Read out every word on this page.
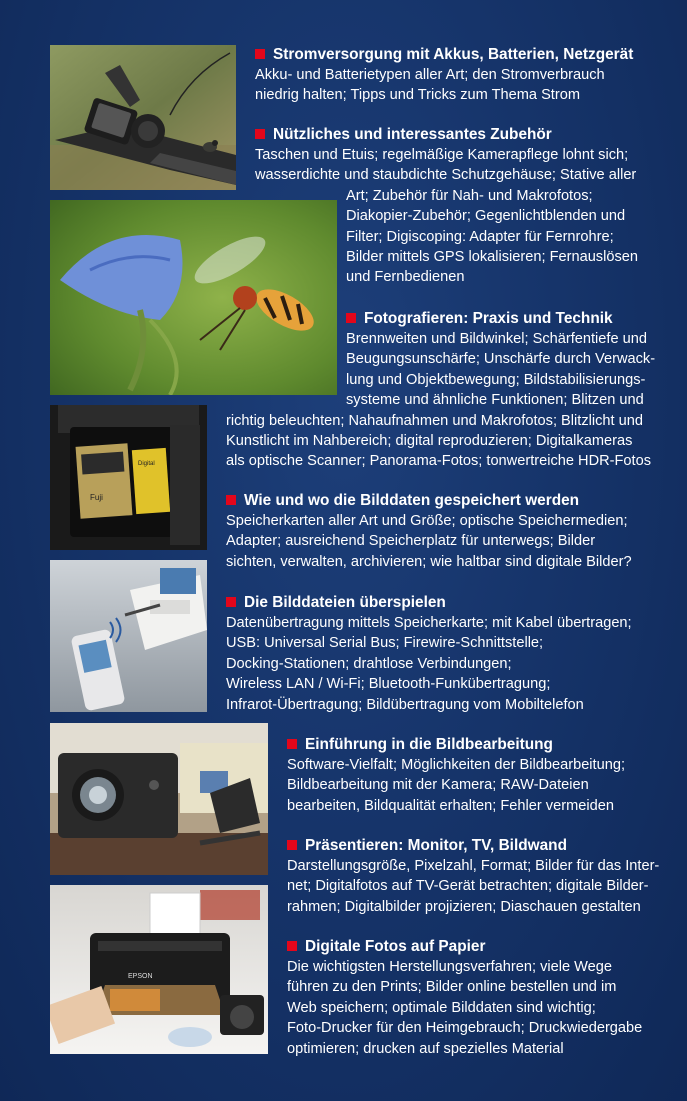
Fuji
Digital
EPSON
Stromversorgung mit Akkus, Batterien, Netzgerät
Akku- und Batterietypen aller Art; den Stromverbrauch
niedrig halten; Tipps und Tricks zum Thema Strom
Nützliches und interessantes Zubehör
Taschen und Etuis; regelmäßige Kamerapflege lohnt sich;
wasserdichte und staubdichte Schutzgehäuse; Stative aller
Art; Zubehör für Nah- und Makrofotos;
Diakopier-Zubehör; Gegenlichtblenden und
Filter; Digiscoping: Adapter für Fernrohre;
Bilder mittels GPS lokalisieren; Fernauslösen
und Fernbedienen
Fotografieren: Praxis und Technik
Brennweiten und Bildwinkel; Schärfentiefe und
Beugungsunschärfe; Unschärfe durch Verwack-
lung und Objektbewegung; Bildstabilisierungs-
systeme und ähnliche Funktionen; Blitzen und
richtig beleuchten; Nahaufnahmen und Makrofotos; Blitzlicht und
Kunstlicht im Nahbereich; digital reproduzieren; Digitalkameras
als optische Scanner; Panorama-Fotos; tonwertreiche HDR-Fotos
Wie und wo die Bilddaten gespeichert werden
Speicherkarten aller Art und Größe; optische Speichermedien;
Adapter; ausreichend Speicherplatz für unterwegs; Bilder
sichten, verwalten, archivieren; wie haltbar sind digitale Bilder?
Die Bilddateien überspielen
Datenübertragung mittels Speicherkarte; mit Kabel übertragen;
USB: Universal Serial Bus; Firewire-Schnittstelle;
Docking-Stationen; drahtlose Verbindungen;
Wireless LAN / Wi-Fi; Bluetooth-Funkübertragung;
Infrarot-Übertragung; Bildübertragung vom Mobiltelefon
Einführung in die Bildbearbeitung
Software-Vielfalt; Möglichkeiten der Bildbearbeitung;
Bildbearbeitung mit der Kamera; RAW-Dateien
bearbeiten, Bildqualität erhalten; Fehler vermeiden
Präsentieren: Monitor, TV, Bildwand
Darstellungsgröße, Pixelzahl, Format; Bilder für das Inter-
net; Digitalfotos auf TV-Gerät betrachten; digitale Bilder-
rahmen; Digitalbilder projizieren; Diaschauen gestalten
Digitale Fotos auf Papier
Die wichtigsten Herstellungsverfahren; viele Wege
führen zu den Prints; Bilder online bestellen und im
Web speichern; optimale Bilddaten sind wichtig;
Foto-Drucker für den Heimgebrauch; Druckwiedergabe
optimieren; drucken auf spezielles Material
